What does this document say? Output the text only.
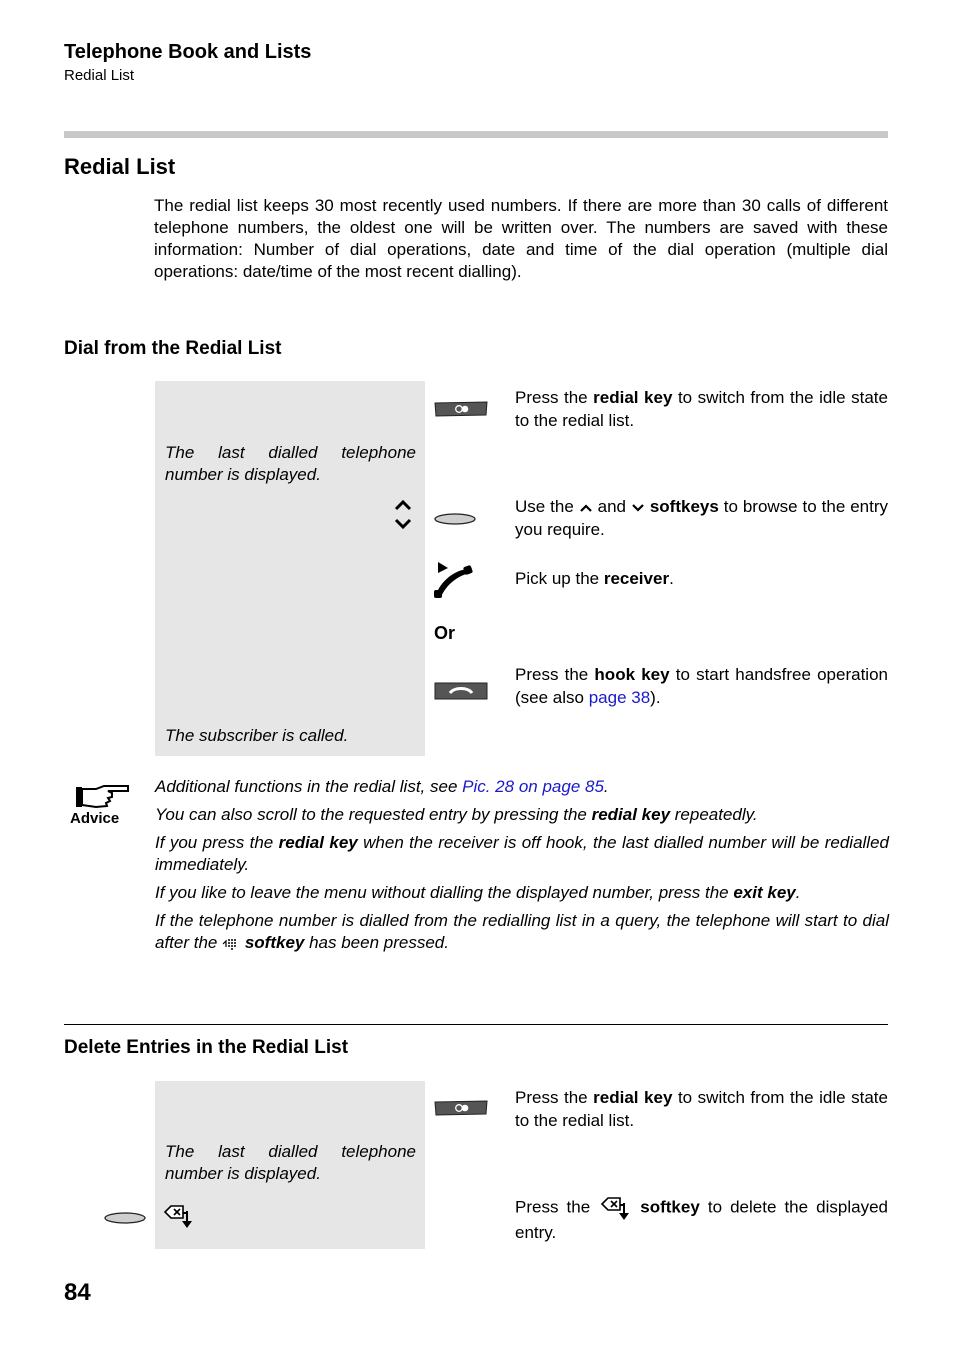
Telephone Book and Lists
Redial List
Redial List
The redial list keeps 30 most recently used numbers. If there are more than 30 calls of different telephone numbers, the oldest one will be written over. The numbers are saved with these information: Number of dial operations, date and time of the dial operation (multiple dial operations: date/time of the most recent dialling).
Dial from the Redial List
The last dialled telephone number is displayed.
The subscriber is called.
Or
Press the redial key to switch from the idle state to the redial list.
Use the
and
softkeys to browse to the entry you require.
Pick up the receiver.
Press the hook key to start handsfree operation (see also page 38).
Advice

Additional functions in the redial list, see Pic. 28 on page 85.

You can also scroll to the requested entry by pressing the redial key repeatedly.

If you press the redial key when the receiver is off hook, the last dialled number will be redialled immediately.

If you like to leave the menu without dialling the displayed number, press the exit key.

If the telephone number is dialled from the redialling list in a query, the telephone will start to dial after the
softkey has been pressed.

Delete Entries in the Redial List
The last dialled telephone number is displayed.
Press the redial key to switch from the idle state to the redial list.
Press the
softkey to delete the displayed entry.
84
